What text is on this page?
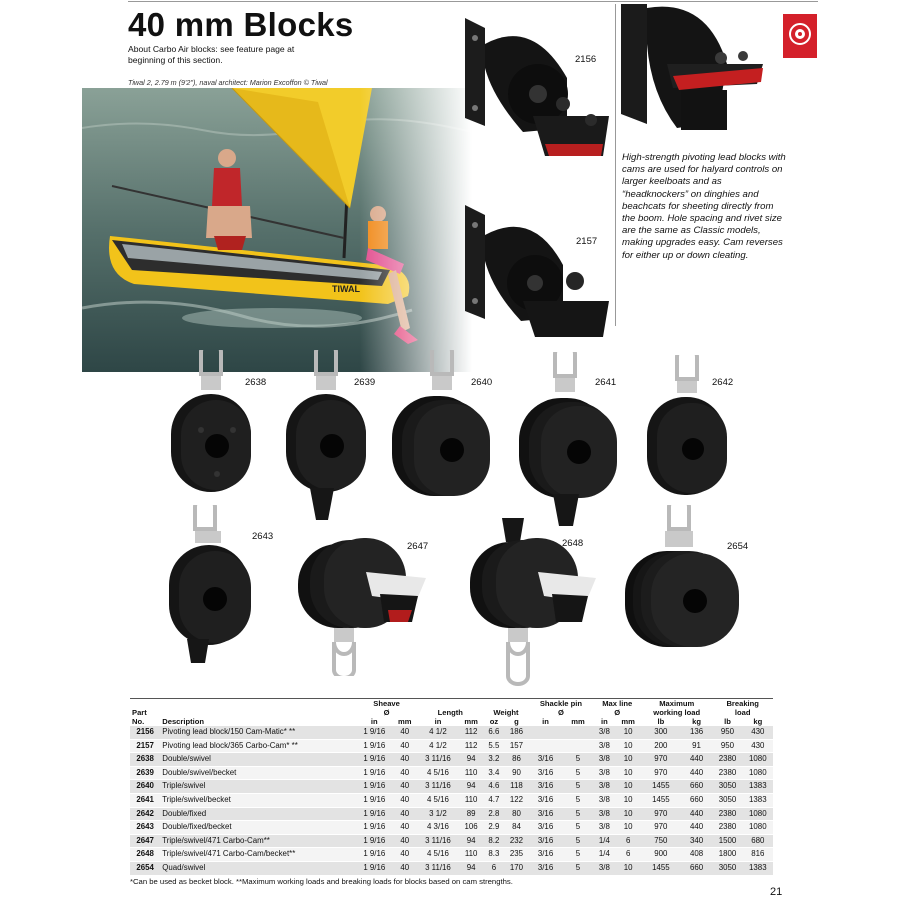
40 mm Blocks
About Carbo Air blocks: see feature page at beginning of this section.
Tiwal 2, 2.79 m (9'2"), naval architect: Marion Excoffon © Tiwal
TIWAL
2156
2157
High-strength pivoting lead blocks with cams are used for halyard controls on larger keelboats and as “headknockers” on dinghies and beachcats for sheeting directly from the boom. Hole spacing and rivet size are the same as Classic models, making upgrades easy. Cam reverses for either up or down cleating.
2638	2639	2640	2641	2642
2643
2647	2648	2654
		Sheave						Shackle pin		Max line		Maximum		Breaking	
Part		Ø		Length		Weight		Ø		Ø		working load		load	
No.	Description	in	mm	in	mm	oz	g	in	mm	in	mm	lb	kg	lb	kg
2156	Pivoting lead block/150 Cam-Matic* **	1 9/16	40	4 1/2	112	6.6	186			3/8	10	300	136	950	430
2157	Pivoting lead block/365 Carbo-Cam* **	1 9/16	40	4 1/2	112	5.5	157			3/8	10	200	91	950	430
2638	Double/swivel	1 9/16	40	3 11/16	94	3.2	86	3/16	5	3/8	10	970	440	2380	1080
2639	Double/swivel/becket	1 9/16	40	4 5/16	110	3.4	90	3/16	5	3/8	10	970	440	2380	1080
2640	Triple/swivel	1 9/16	40	3 11/16	94	4.6	118	3/16	5	3/8	10	1455	660	3050	1383
2641	Triple/swivel/becket	1 9/16	40	4 5/16	110	4.7	122	3/16	5	3/8	10	1455	660	3050	1383
2642	Double/fixed	1 9/16	40	3 1/2	89	2.8	80	3/16	5	3/8	10	970	440	2380	1080
2643	Double/fixed/becket	1 9/16	40	4 3/16	106	2.9	84	3/16	5	3/8	10	970	440	2380	1080
2647	Triple/swivel/471 Carbo-Cam**	1 9/16	40	3 11/16	94	8.2	232	3/16	5	1/4	6	750	340	1500	680
2648	Triple/swivel/471 Carbo-Cam/becket**	1 9/16	40	4 5/16	110	8.3	235	3/16	5	1/4	6	900	408	1800	816
2654	Quad/swivel	1 9/16	40	3 11/16	94	6	170	3/16	5	3/8	10	1455	660	3050	1383
*Can be used as becket block. **Maximum working loads and breaking loads for blocks based on cam strengths.
21
